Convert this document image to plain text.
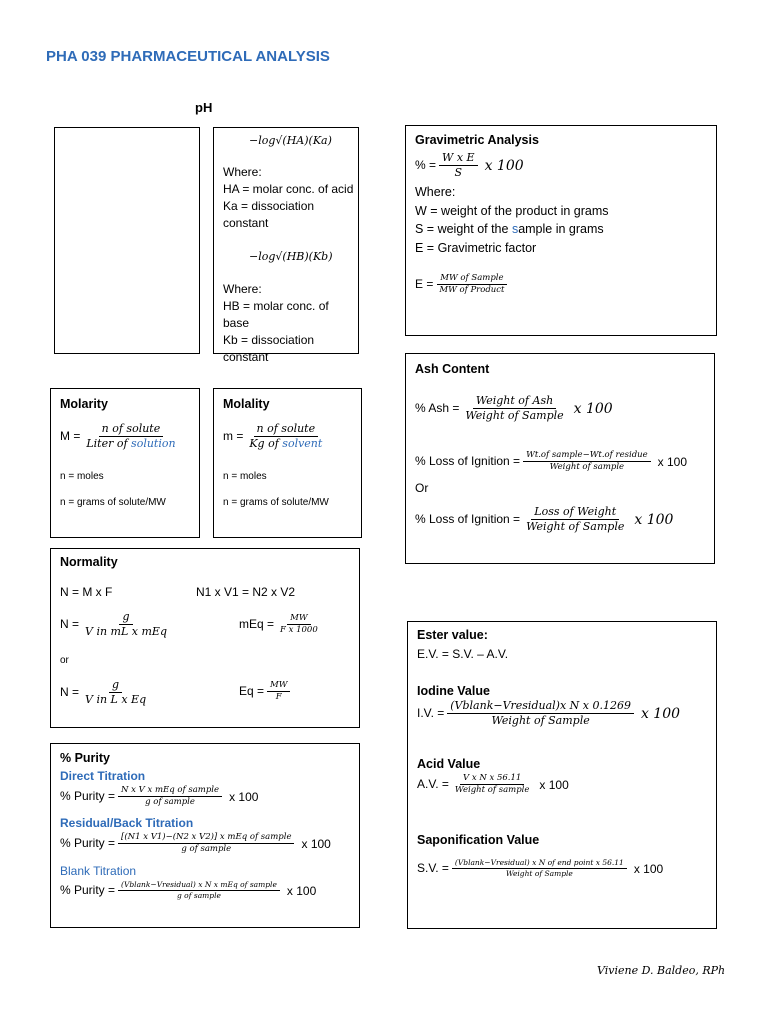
PHA 039 PHARMACEUTICAL ANALYSIS
pH
−log√(HA)(Ka)
Where:
HA = molar conc. of acid
Ka = dissociation constant
−log√(HB)(Kb)
Where:
HB = molar conc. of base
Kb = dissociation constant
Molarity
$M = \frac{\text{n of solute}}{\text{Liter of solution}}$
n = moles
n = grams of solute/MW
Molality
$m = \frac{\text{n of solute}}{\text{Kg of solvent}}$
n = moles
n = grams of solute/MW
Normality
N = M x F	N1 x V1 = N2 x V2
$N = \frac{g}{\text{V in mL x mEq}}$	mEq = $\frac{MW}{\text{F x 1000}}$
or
$N = \frac{g}{\text{V in L x Eq}}$	$Eq = \frac{MW}{F}$
% Purity
Direct Titration
% Purity = $\frac{\text{N x V x mEq of sample}}{\text{g of sample}}$ x 100
Residual/Back Titration
% Purity = $\frac{\text{[(N1 x V1)−(N2 x V2)] x mEq of sample}}{\text{g of sample}}$ x 100
Blank Titration
% Purity = $\frac{\text{(Vblank−Vresidual) x N x mEq of sample}}{\text{g of sample}}$ x 100
Gravimetric Analysis
% = $\frac{\text{W x E}}{S}$ x 100
Where:
W = weight of the product in grams
S = weight of the sample in grams
E = Gravimetric factor
$E = \frac{\text{MW of Sample}}{\text{MW of Product}}$
Ash Content
% Ash = $\frac{\text{Weight of Ash}}{\text{Weight of Sample}}$ x 100
% Loss of Ignition = $\frac{\text{Wt.of sample−Wt.of residue}}{\text{Weight of sample}}$ x 100
Or
% Loss of Ignition = $\frac{\text{Loss of Weight}}{\text{Weight of Sample}}$ x 100
Ester value:
E.V. = S.V. – A.V.
Iodine Value
I.V. = $\frac{\text{(Vblank−Vresidual)x N x 0.1269}}{\text{Weight of Sample}}$ x 100
Acid Value
A.V. = $\frac{\text{V x N x 56.11}}{\text{Weight of sample}}$ x 100
Saponification Value
S.V. = $\frac{\text{(Vblank−Vresidual) x N of end point x 56.11}}{\text{Weight of Sample}}$ x 100
Viviene D. Baldeo, RPh
